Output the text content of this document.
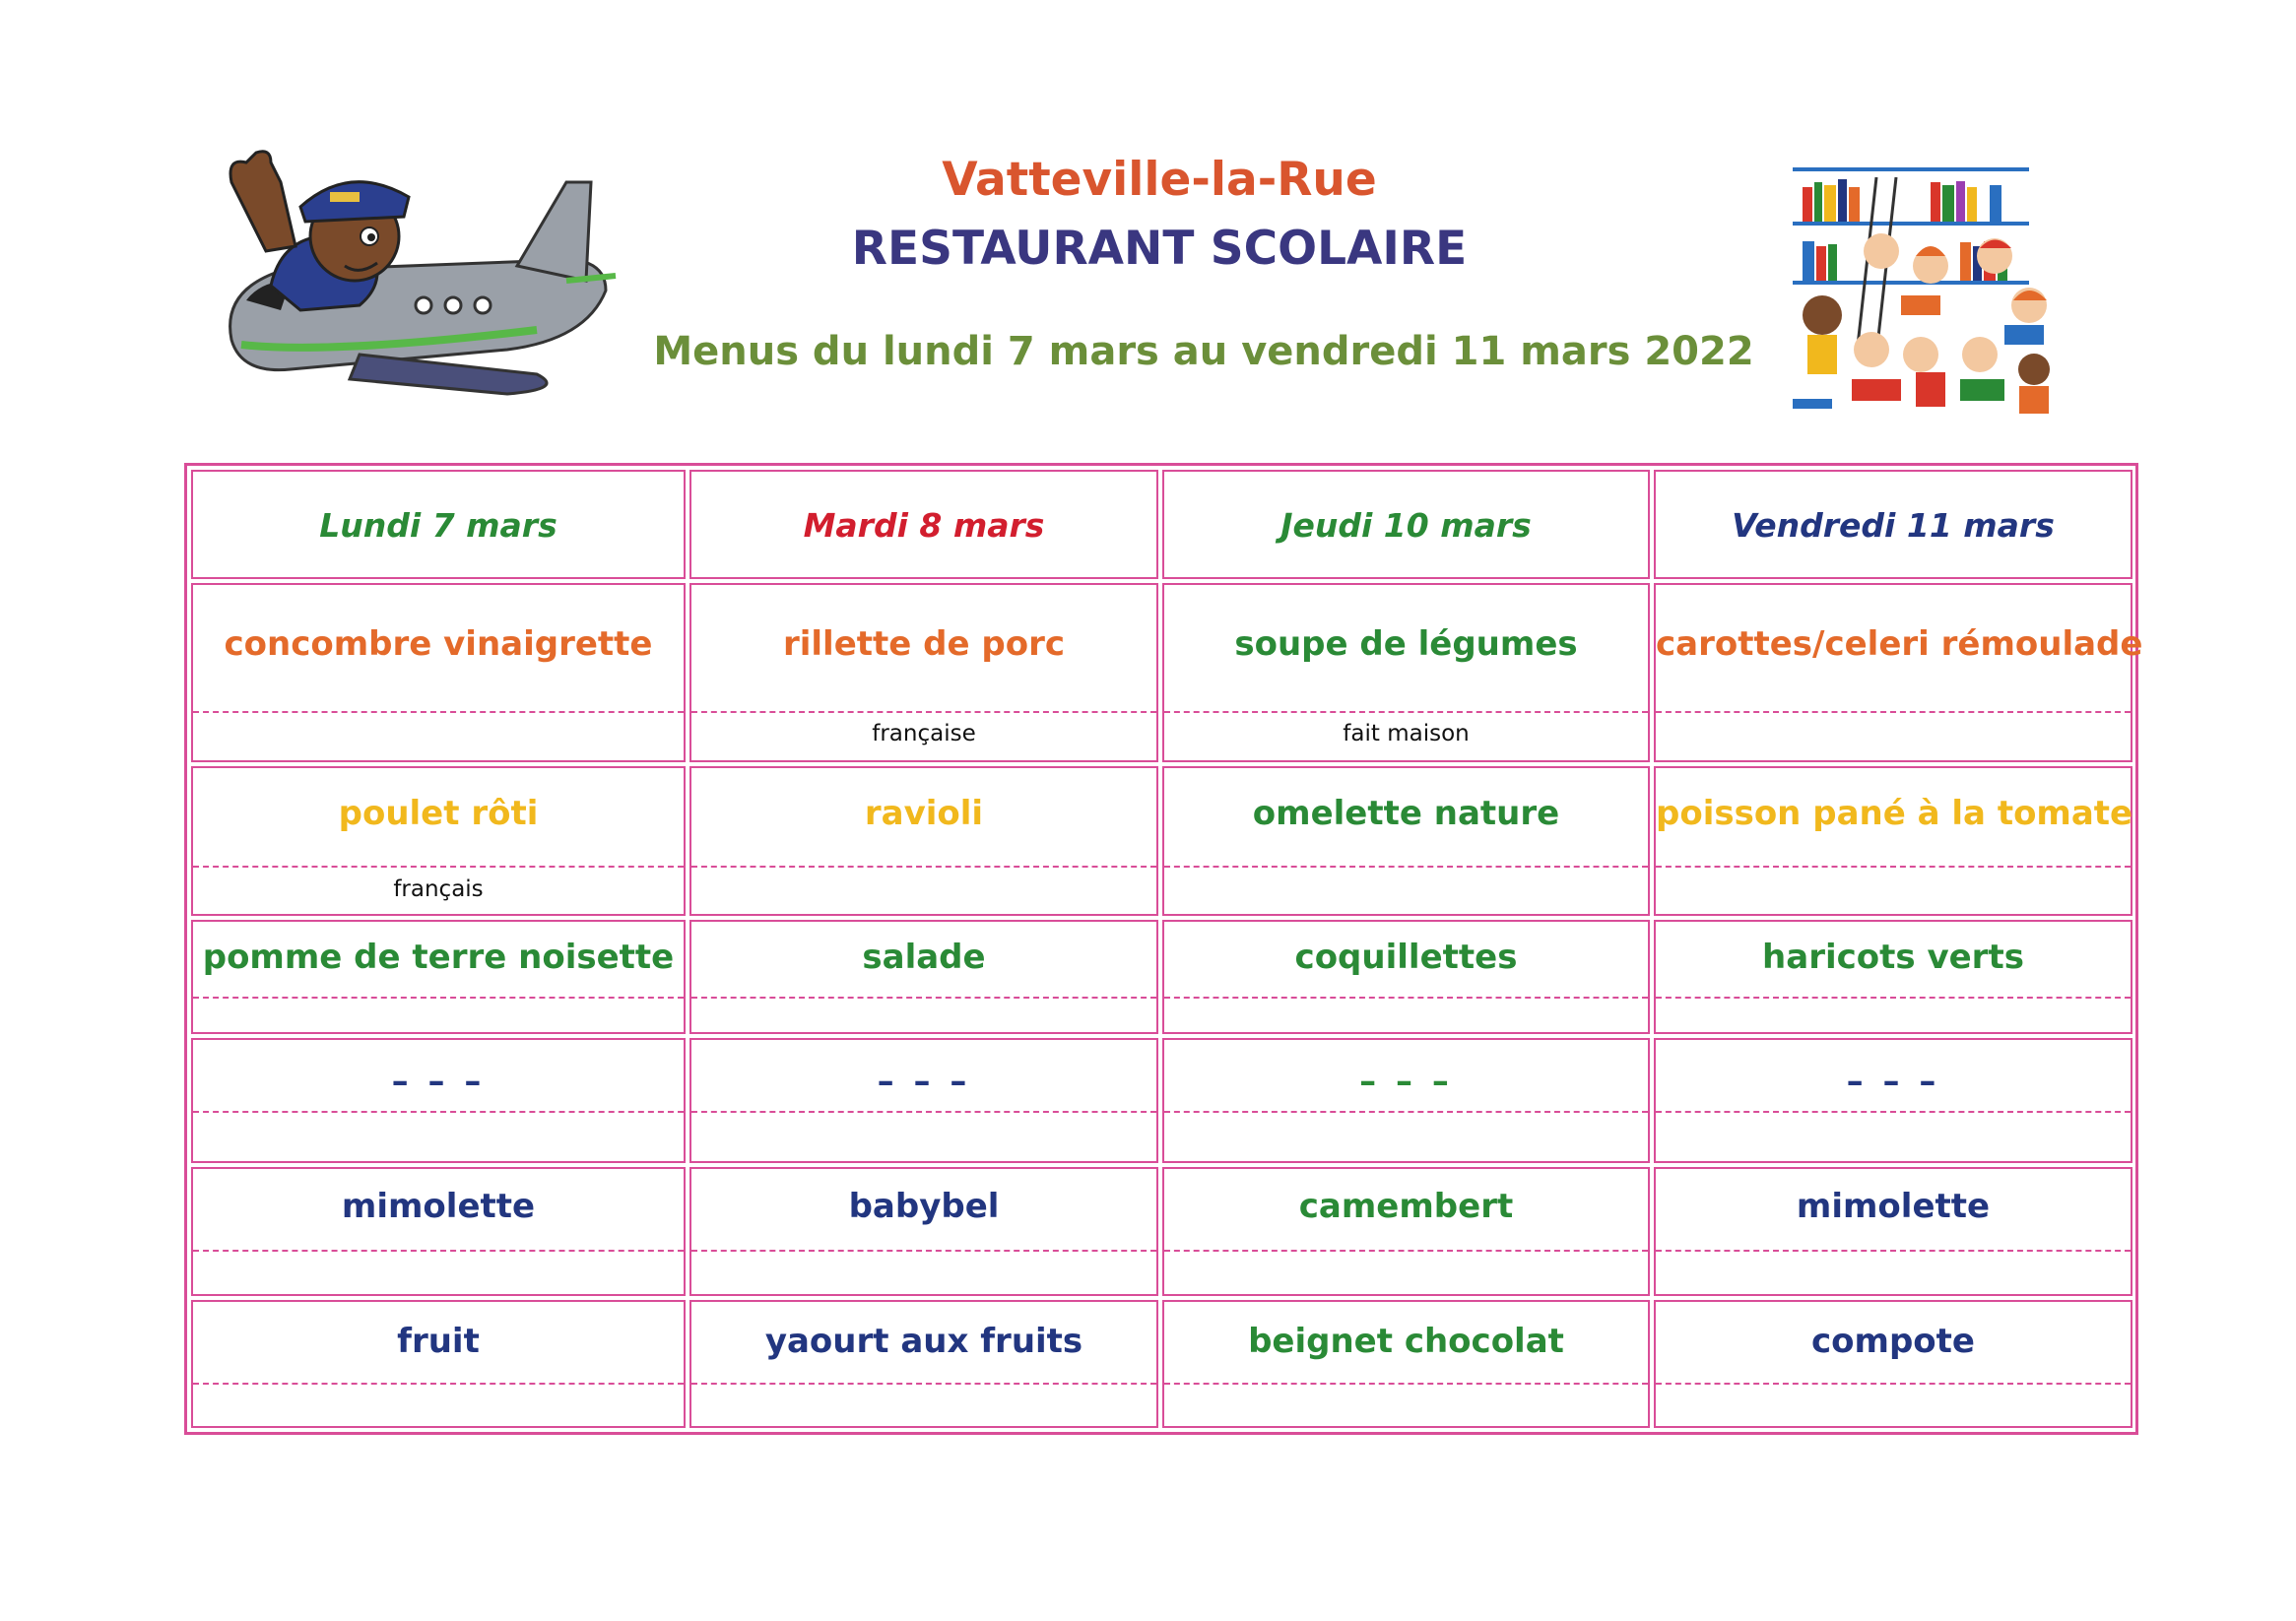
Vatteville-la-Rue
RESTAURANT SCOLAIRE
Menus du lundi 7 mars au vendredi 11 mars 2022
Lundi 7 mars
concombre vinaigrette
poulet rôti
français
pomme de terre noisette
– – –
mimolette
fruit
Mardi 8 mars
rillette de porc
française
ravioli
salade
– – –
babybel
yaourt aux fruits
Jeudi 10 mars
soupe de légumes
fait maison
omelette nature
coquillettes
– – –
camembert
beignet chocolat
Vendredi 11 mars
carottes/celeri rémoulade
poisson pané à la tomate
haricots verts
– – –
mimolette
compote
